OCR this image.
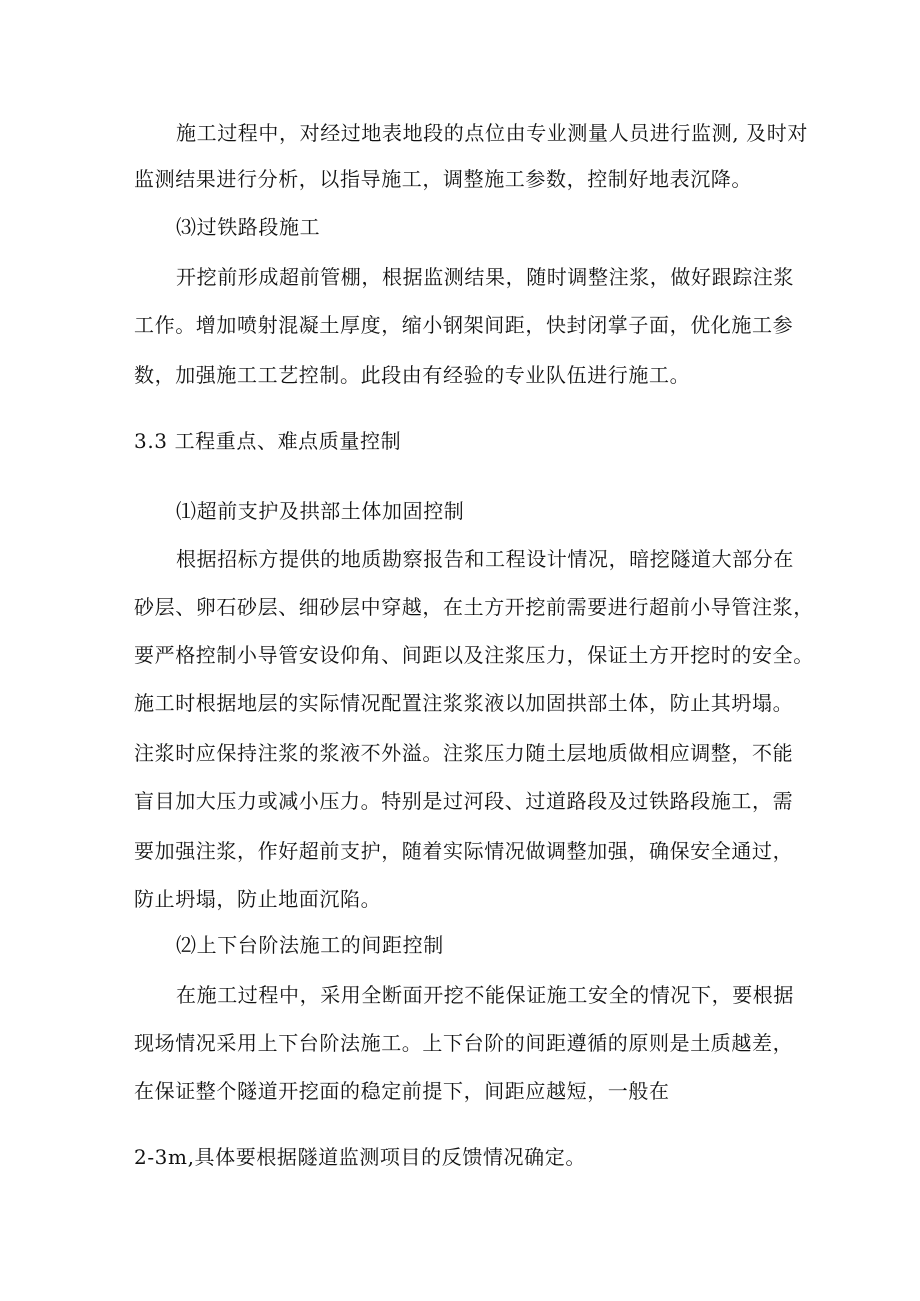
施工过程中，对经过地表地段的点位由专业测量人员进行监测, 及时对
监测结果进行分析，以指导施工，调整施工参数，控制好地表沉降。
⑶过铁路段施工
开挖前形成超前管棚，根据监测结果，随时调整注浆，做好跟踪注浆
工作。增加喷射混凝土厚度，缩小钢架间距，快封闭掌子面，优化施工参
数，加强施工工艺控制。此段由有经验的专业队伍进行施工。
3.3 工程重点、难点质量控制
⑴超前支护及拱部土体加固控制
根据招标方提供的地质勘察报告和工程设计情况，暗挖隧道大部分在
砂层、卵石砂层、细砂层中穿越，在土方开挖前需要进行超前小导管注浆，
要严格控制小导管安设仰角、间距以及注浆压力，保证土方开挖时的安全。
施工时根据地层的实际情况配置注浆浆液以加固拱部土体，防止其坍塌。
注浆时应保持注浆的浆液不外溢。注浆压力随土层地质做相应调整，不能
盲目加大压力或减小压力。特别是过河段、过道路段及过铁路段施工，需
要加强注浆，作好超前支护，随着实际情况做调整加强，确保安全通过，
防止坍塌，防止地面沉陷。
⑵上下台阶法施工的间距控制
在施工过程中，采用全断面开挖不能保证施工安全的情况下，要根据
现场情况采用上下台阶法施工。上下台阶的间距遵循的原则是土质越差，
在保证整个隧道开挖面的稳定前提下，间距应越短，一般在
2-3m,具体要根据隧道监测项目的反馈情况确定。
